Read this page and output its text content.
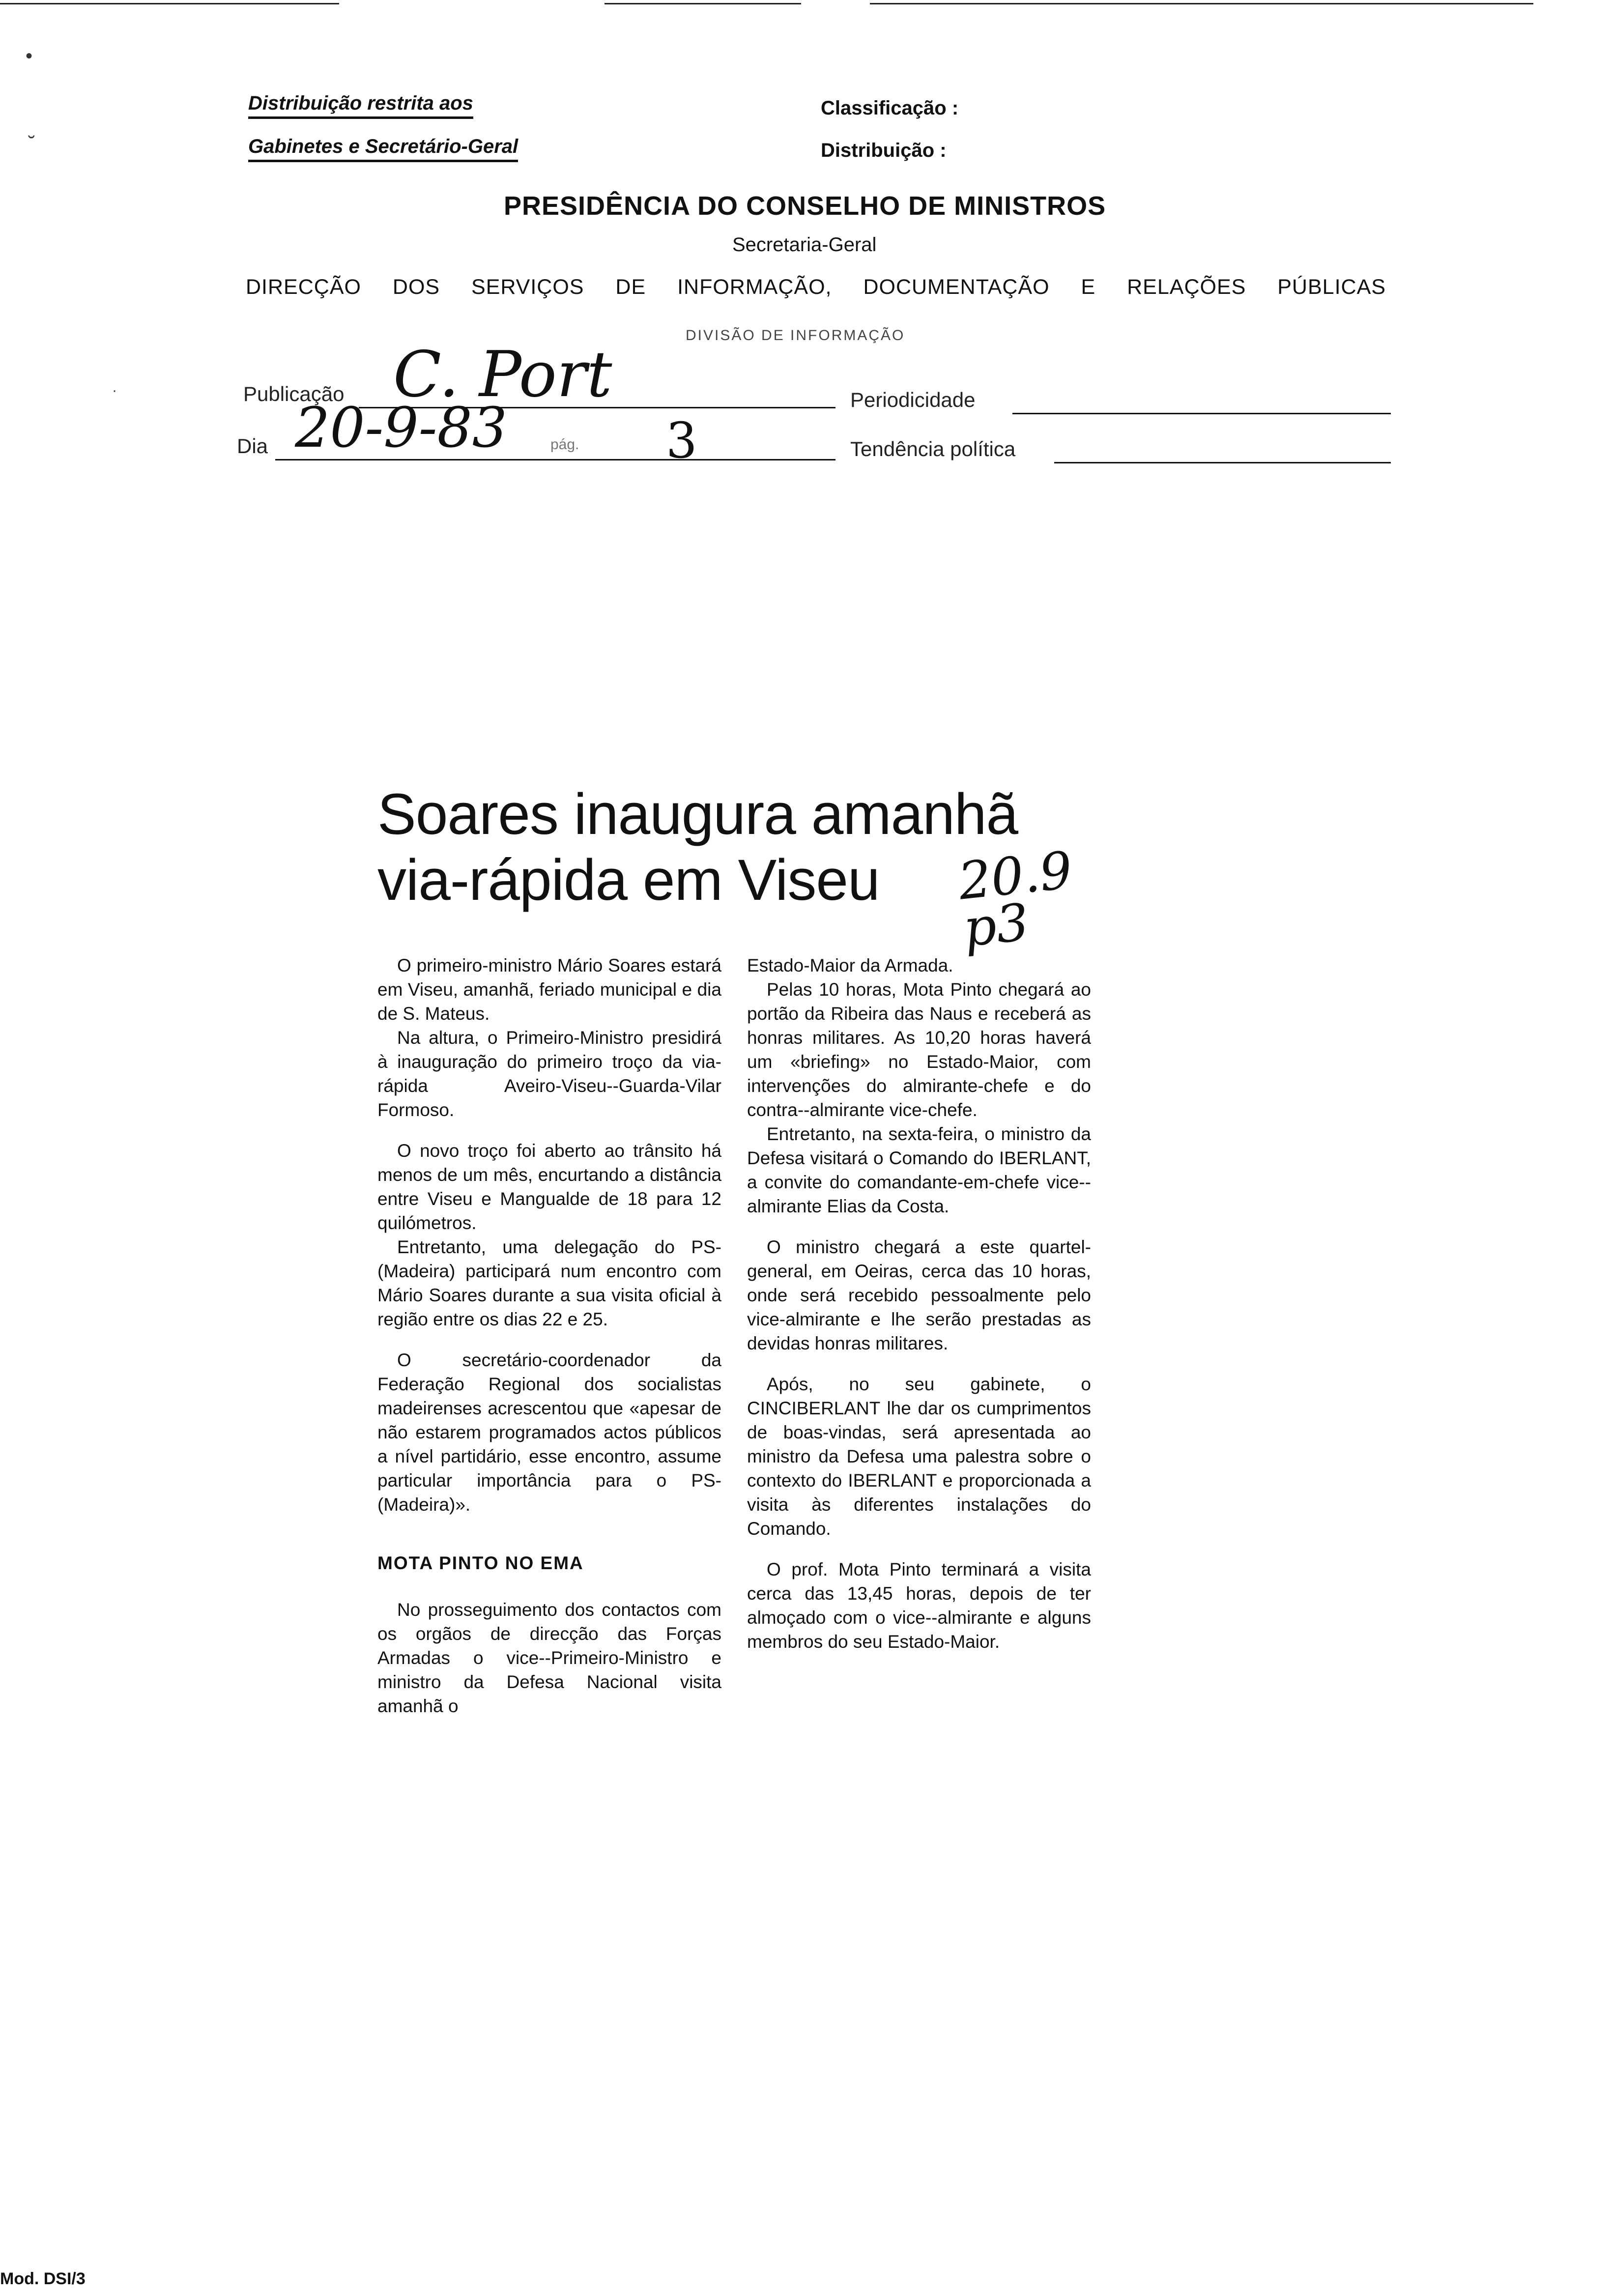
•
˘
·
Distribuição restrita aos
Gabinetes e Secretário-Geral
Classificação :
Distribuição :
PRESIDÊNCIA DO CONSELHO DE MINISTROS
Secretaria-Geral
DIRECÇÃO DOS SERVIÇOS DE INFORMAÇÃO, DOCUMENTAÇÃO E RELAÇÕES PÚBLICAS
DIVISÃO DE INFORMAÇÃO
Publicação C. Port	Periodicidade
Dia 20-9-83	pág. 3	Tendência política
Soares inaugura amanhã
via-rápida em Viseu	20.9 p3

O primeiro-ministro Mário Soares estará em Viseu, amanhã, feriado municipal e dia de S. Mateus.

Na altura, o Primeiro-Ministro presidirá à inauguração do primeiro troço da via-rápida Aveiro-Viseu--Guarda-Vilar Formoso.

O novo troço foi aberto ao trânsito há menos de um mês, encurtando a distância entre Viseu e Mangualde de 18 para 12 quilómetros.

Entretanto, uma delegação do PS-(Madeira) participará num encontro com Mário Soares durante a sua visita oficial à região entre os dias 22 e 25.

O secretário-coordenador da Federação Regional dos socialistas madeirenses acrescentou que «apesar de não estarem programados actos públicos a nível partidário, esse encontro, assume particular importância para o PS-(Madeira)».

MOTA PINTO NO EMA

No prosseguimento dos contactos com os orgãos de direcção das Forças Armadas o vice--Primeiro-Ministro e ministro da Defesa Nacional visita amanhã o

Estado-Maior da Armada.

Pelas 10 horas, Mota Pinto chegará ao portão da Ribeira das Naus e receberá as honras militares. As 10,20 horas haverá um «briefing» no Estado-Maior, com intervenções do almirante-chefe e do contra--almirante vice-chefe.

Entretanto, na sexta-feira, o ministro da Defesa visitará o Comando do IBERLANT, a convite do comandante-em-chefe vice--almirante Elias da Costa.

O ministro chegará a este quartel-general, em Oeiras, cerca das 10 horas, onde será recebido pessoalmente pelo vice-almirante e lhe serão prestadas as devidas honras militares.

Após, no seu gabinete, o CINCIBERLANT lhe dar os cumprimentos de boas-vindas, será apresentada ao ministro da Defesa uma palestra sobre o contexto do IBERLANT e proporcionada a visita às diferentes instalações do Comando.

O prof. Mota Pinto terminará a visita cerca das 13,45 horas, depois de ter almoçado com o vice--almirante e alguns membros do seu Estado-Maior.

Mod. DSI/3
